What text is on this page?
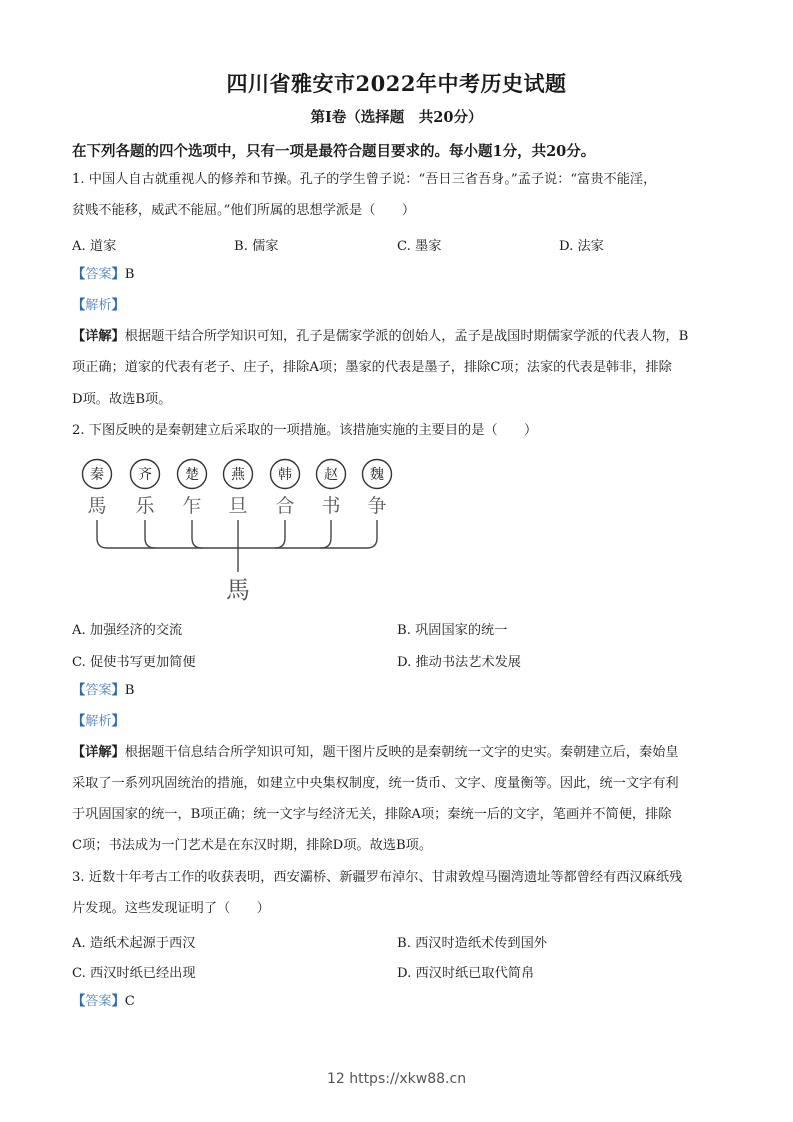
四川省雅安市2022年中考历史试题
第Ⅰ卷（选择题　共20分）
在下列各题的四个选项中，只有一项是最符合题目要求的。每小题1分，共20分。
1. 中国人自古就重视人的修养和节操。孔子的学生曾子说：“吾日三省吾身。”孟子说：“富贵不能淫，
贫贱不能移，威武不能屈。”他们所属的思想学派是（　　）
A. 道家	B. 儒家	C. 墨家	D. 法家
【答案】B
【解析】
【详解】根据题干结合所学知识可知，孔子是儒家学派的创始人，孟子是战国时期儒家学派的代表人物，B
项正确；道家的代表有老子、庄子，排除A项；墨家的代表是墨子，排除C项；法家的代表是韩非，排除
D项。故选B项。
2. 下图反映的是秦朝建立后采取的一项措施。该措施实施的主要目的是（　　）
秦 齐 楚 燕 韩 赵 魏
馬 乐 乍 旦 合 书 争
馬
A. 加强经济的交流	B. 巩固国家的统一
C. 促使书写更加简便	D. 推动书法艺术发展
【答案】B
【解析】
【详解】根据题干信息结合所学知识可知，题干图片反映的是秦朝统一文字的史实。秦朝建立后，秦始皇
采取了一系列巩固统治的措施，如建立中央集权制度，统一货币、文字、度量衡等。因此，统一文字有利
于巩固国家的统一，B项正确；统一文字与经济无关，排除A项；秦统一后的文字，笔画并不简便，排除
C项；书法成为一门艺术是在东汉时期，排除D项。故选B项。
3. 近数十年考古工作的收获表明，西安灞桥、新疆罗布淖尔、甘肃敦煌马圈湾遗址等都曾经有西汉麻纸残
片发现。这些发现证明了（　　）
A. 造纸术起源于西汉	B. 西汉时造纸术传到国外
C. 西汉时纸已经出现	D. 西汉时纸已取代简帛
【答案】C
12 https://xkw88.cn
